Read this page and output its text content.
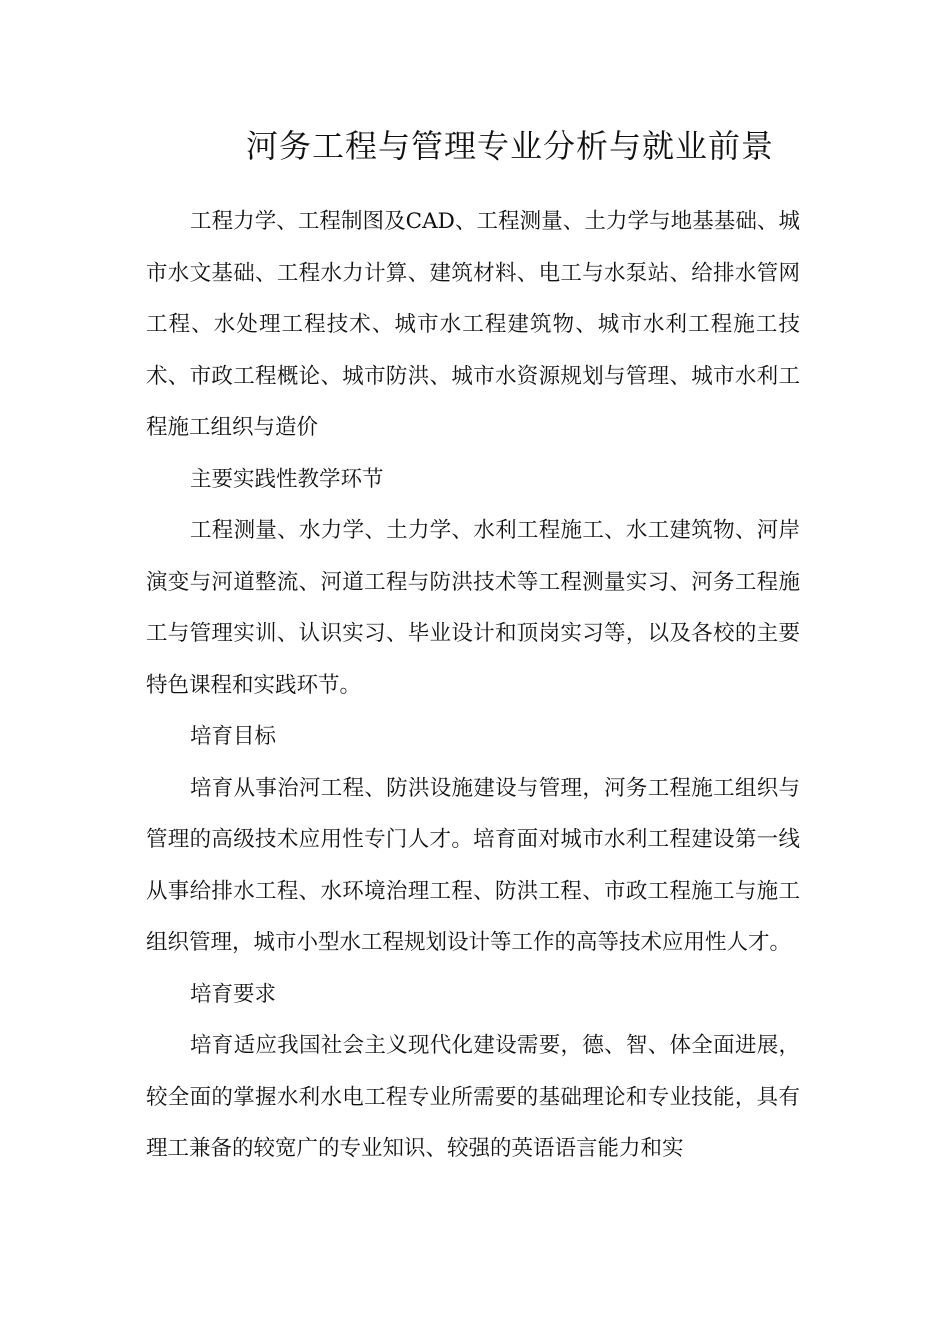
河务工程与管理专业分析与就业前景

工程力学、工程制图及CAD、工程测量、土力学与地基基础、城市水文基础、工程水力计算、建筑材料、电工与水泵站、给排水管网工程、水处理工程技术、城市水工程建筑物、城市水利工程施工技术、市政工程概论、城市防洪、城市水资源规划与管理、城市水利工程施工组织与造价

主要实践性教学环节

工程测量、水力学、土力学、水利工程施工、水工建筑物、河岸演变与河道整流、河道工程与防洪技术等工程测量实习、河务工程施工与管理实训、认识实习、毕业设计和顶岗实习等，以及各校的主要特色课程和实践环节。

培育目标

培育从事治河工程、防洪设施建设与管理，河务工程施工组织与管理的高级技术应用性专门人才。培育面对城市水利工程建设第一线从事给排水工程、水环境治理工程、防洪工程、市政工程施工与施工组织管理，城市小型水工程规划设计等工作的高等技术应用性人才。

培育要求

培育适应我国社会主义现代化建设需要，德、智、体全面进展，较全面的掌握水利水电工程专业所需要的基础理论和专业技能，具有理工兼备的较宽广的专业知识、较强的英语语言能力和实
